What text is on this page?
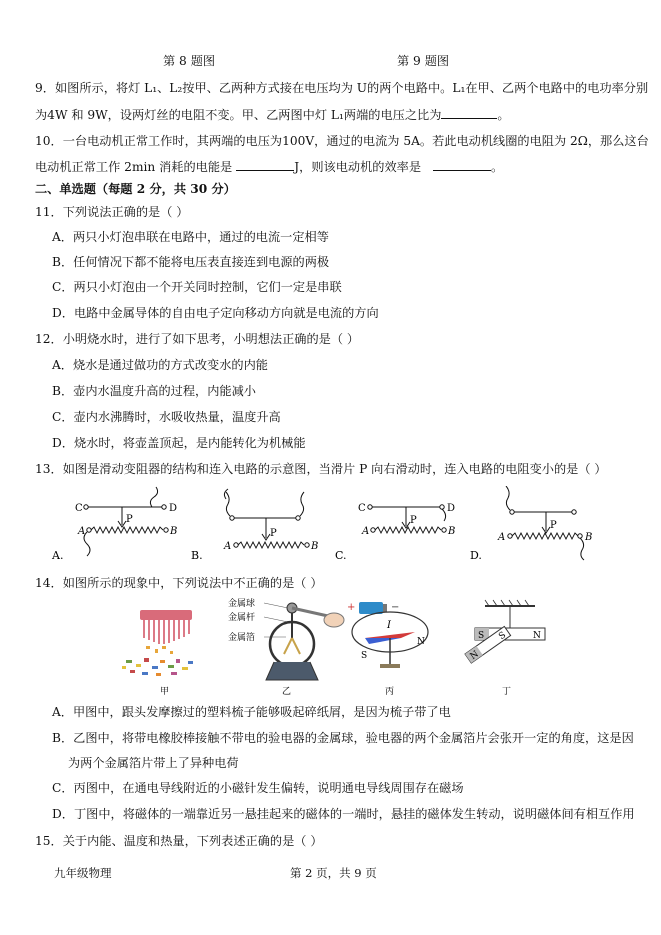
第 8 题图	第 9 题图
9．如图所示，将灯 L₁、L₂按甲、乙两种方式接在电压均为 U的两个电路中。L₁在甲、乙两个电路中的电功率分别
为4W 和 9W，设两灯丝的电阻不变。甲、乙两图中灯 L₁两端的电压之比为	。
10．一台电动机正常工作时，其两端的电压为100V，通过的电流为 5A。若此电动机线圈的电阻为 2Ω，那么这台
电动机正常工作 2min 消耗的电能是	J，则该电动机的效率是	。
二、单选题（每题 2 分，共 30 分）
11．下列说法正确的是（ ）
A．两只小灯泡串联在电路中，通过的电流一定相等
B．任何情况下都不能将电压表直接连到电源的两极
C．两只小灯泡由一个开关同时控制，它们一定是串联
D．电路中金属导体的自由电子定向移动方向就是电流的方向
12．小明烧水时，进行了如下思考，小明想法正确的是（ ）
A．烧水是通过做功的方式改变水的内能
B．壶内水温度升高的过程，内能减小
C．壶内水沸腾时，水吸收热量，温度升高
D．烧水时，将壶盖顶起，是内能转化为机械能
13．如图是滑动变阻器的结构和连入电路的示意图，当滑片 P 向右滑动时，连入电路的电阻变小的是（ ）
C	D
P
A	B
A.
P
A	B
B.
C	D
P
A	B
C.
P
A	B
D.
14．如图所示的现象中，下列说法中不正确的是（ ）
甲
金属球
金属杆
金属箔
乙
+	−
I
S
N
丙
S	N
N
S
丁
A．甲图中，跟头发摩擦过的塑料梳子能够吸起碎纸屑，是因为梳子带了电
B．乙图中，将带电橡胶棒接触不带电的验电器的金属球，验电器的两个金属箔片会张开一定的角度，这是因
为两个金属箔片带上了异种电荷
C．丙图中，在通电导线附近的小磁针发生偏转，说明通电导线周围存在磁场
D．丁图中，将磁体的一端靠近另一悬挂起来的磁体的一端时，悬挂的磁体发生转动，说明磁体间有相互作用
15．关于内能、温度和热量，下列表述正确的是（ ）
九年级物理	第 2 页，共 9 页
